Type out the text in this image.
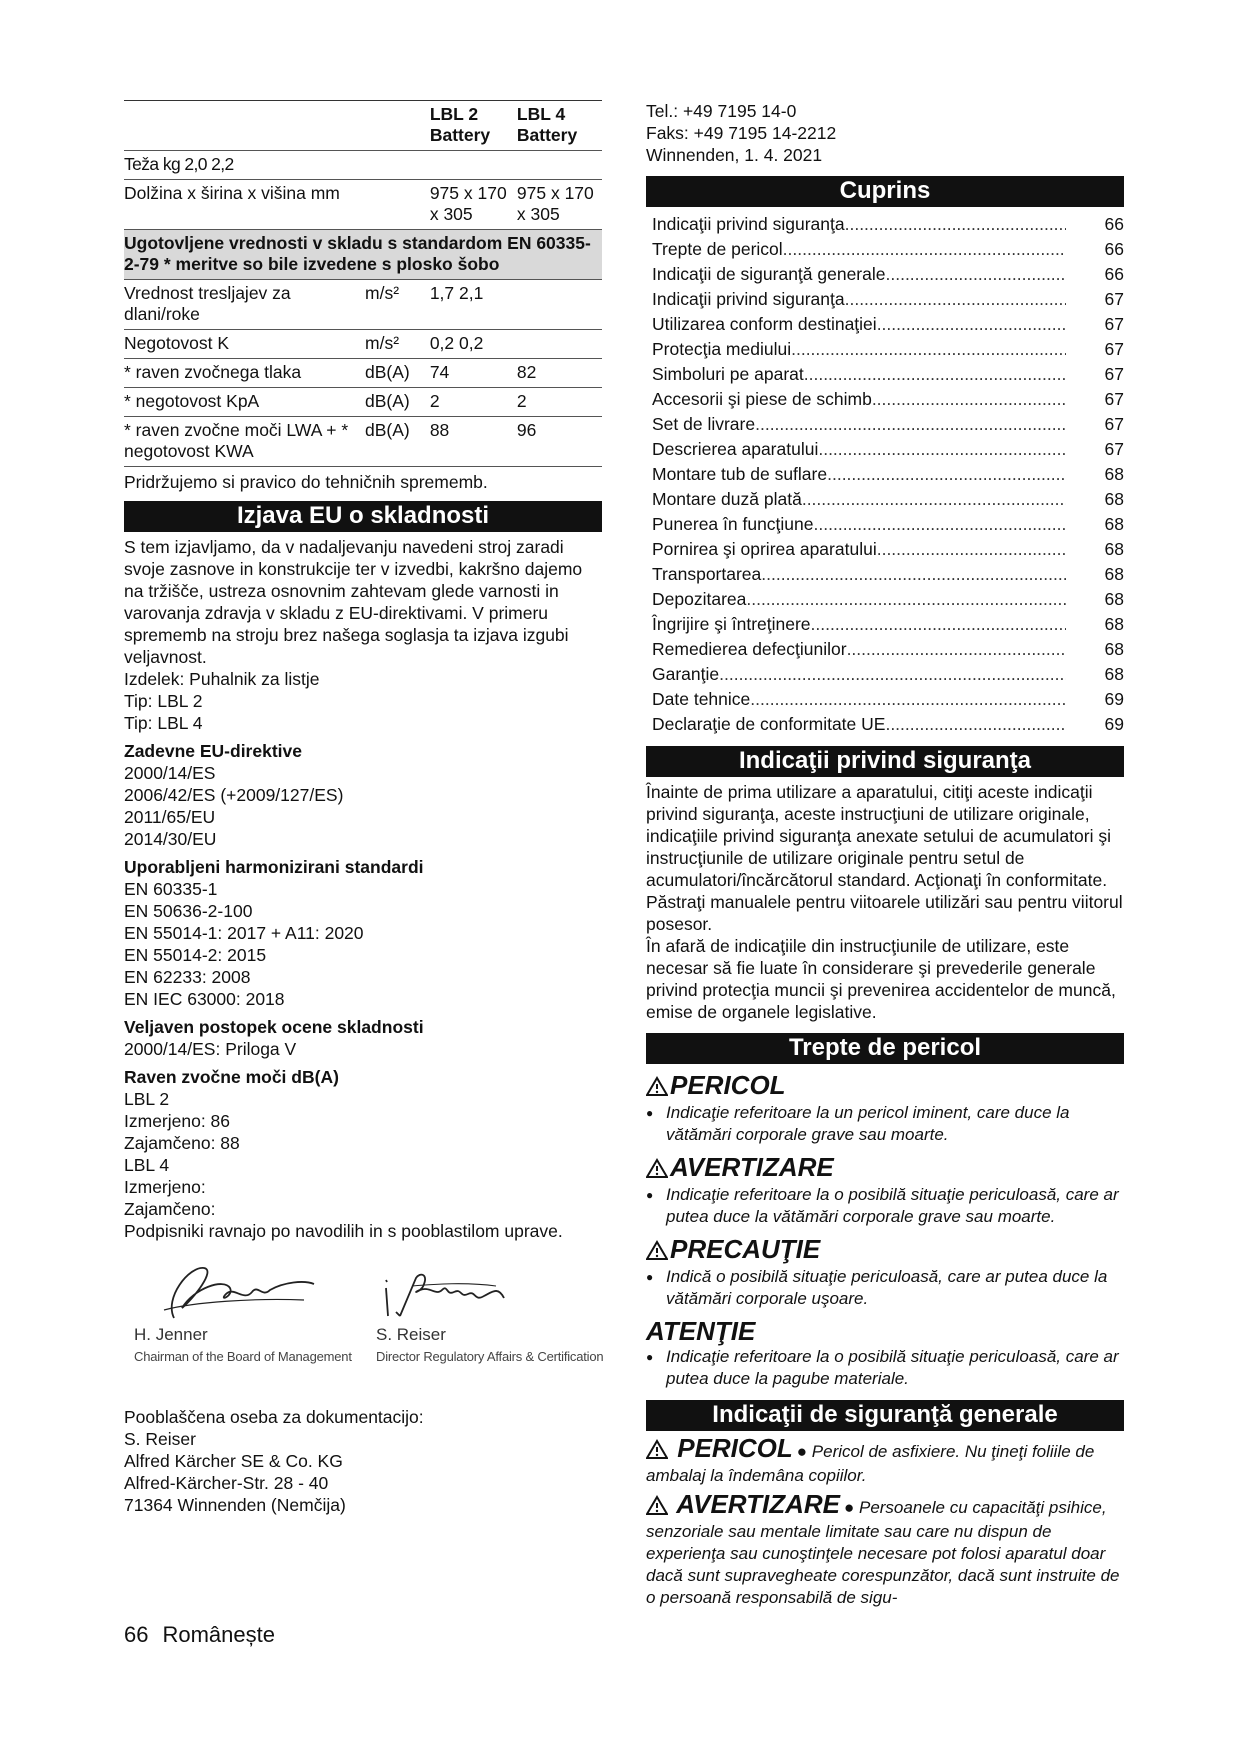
		LBL 2 Battery	LBL 4 Battery
Teža kg 2,0 2,2			
Dolžina x širina x višina mm		975 x 170 x 305	975 x 170 x 305
Ugotovljene vrednosti v skladu s standardom EN 60335-2-79 * meritve so bile izvedene s plosko šobo			
Vrednost tresljajev za dlani/roke	m/s²	1,7 2,1	
Negotovost K	m/s²	0,2 0,2	
* raven zvočnega tlaka	dB(A)	74	82
* negotovost KpA	dB(A)	2	2
* raven zvočne moči LWA + * negotovost KWA	dB(A)	88	96
Pridržujemo si pravico do tehničnih sprememb.
Izjava EU o skladnosti

S tem izjavljamo, da v nadaljevanju navedeni stroj zaradi svoje zasnove in konstrukcije ter v izvedbi, kakršno dajemo na tržišče, ustreza osnovnim zahtevam glede varnosti in varovanja zdravja v skladu z EU-direktivami. V primeru sprememb na stroju brez našega soglasja ta izjava izgubi veljavnost.

Izdelek: Puhalnik za listje
Tip: LBL 2
Tip: LBL 4
Zadevne EU-direktive
2000/14/ES
2006/42/ES (+2009/127/ES)
2011/65/EU
2014/30/EU
Uporabljeni harmonizirani standardi
EN 60335-1
EN 50636-2-100
EN 55014-1: 2017 + A11: 2020
EN 55014-2: 2015
EN 62233: 2008
EN IEC 63000: 2018
Veljaven postopek ocene skladnosti
2000/14/ES: Priloga V
Raven zvočne moči dB(A)
LBL 2
Izmerjeno: 86
Zajamčeno: 88
LBL 4
Izmerjeno:
Zajamčeno:

Podpisniki ravnajo po navodilih in s pooblastilom uprave.

H. Jenner
Chairman of the Board of Management
S. Reiser
Director Regulatory Affairs & Certification
Pooblaščena oseba za dokumentacijo:
S. Reiser
Alfred Kärcher SE & Co. KG
Alfred-Kärcher-Str. 28 - 40
71364 Winnenden (Nemčija)
66 Românește
Tel.: +49 7195 14-0
Faks: +49 7195 14-2212
Winnenden, 1. 4. 2021
Cuprins
Indicaţii privind siguranţa .....	66
Trepte de pericol .....	66
Indicaţii de siguranţă generale .....	66
Indicaţii privind siguranţa .....	67
Utilizarea conform destinaţiei .....	67
Protecţia mediului .....	67
Simboluri pe aparat .....	67
Accesorii şi piese de schimb .....	67
Set de livrare .....	67
Descrierea aparatului .....	67
Montare tub de suflare .....	68
Montare duză plată .....	68
Punerea în funcţiune .....	68
Pornirea şi oprirea aparatului .....	68
Transportarea .....	68
Depozitarea .....	68
Îngrijire şi întreţinere .....	68
Remedierea defecţiunilor .....	68
Garanţie .....	68
Date tehnice .....	69
Declaraţie de conformitate UE .....	69
Indicaţii privind siguranţa

Înainte de prima utilizare a aparatului, citiţi aceste indicaţii privind siguranţa, aceste instrucţiuni de utilizare originale, indicaţiile privind siguranţa anexate setului de acumulatori şi instrucţiunile de utilizare originale pentru setul de acumulatori/încărcătorul standard. Acţionaţi în conformitate. Păstraţi manualele pentru viitoarele utilizări sau pentru viitorul posesor.

În afară de indicaţiile din instrucţiunile de utilizare, este necesar să fie luate în considerare şi prevederile generale privind protecţia muncii şi prevenirea accidentelor de muncă, emise de organele legislative.

Trepte de pericol
PERICOL
● Indicaţie referitoare la un pericol iminent, care duce la vătămări corporale grave sau moarte.
AVERTIZARE
● Indicaţie referitoare la o posibilă situaţie periculoasă, care ar putea duce la vătămări corporale grave sau moarte.
PRECAUŢIE
● Indică o posibilă situaţie periculoasă, care ar putea duce la vătămări corporale uşoare.
ATENŢIE
● Indicaţie referitoare la o posibilă situaţie periculoasă, care ar putea duce la pagube materiale.
Indicaţii de siguranţă generale
PERICOL ● Pericol de asfixiere. Nu ţineţi foliile de ambalaj la îndemâna copiilor.
AVERTIZARE ● Persoanele cu capacităţi psihice, senzoriale sau mentale limitate sau care nu dispun de experienţa sau cunoştinţele necesare pot folosi aparatul doar dacă sunt supravegheate corespunzător, dacă sunt instruite de o persoană responsabilă de sigu-
